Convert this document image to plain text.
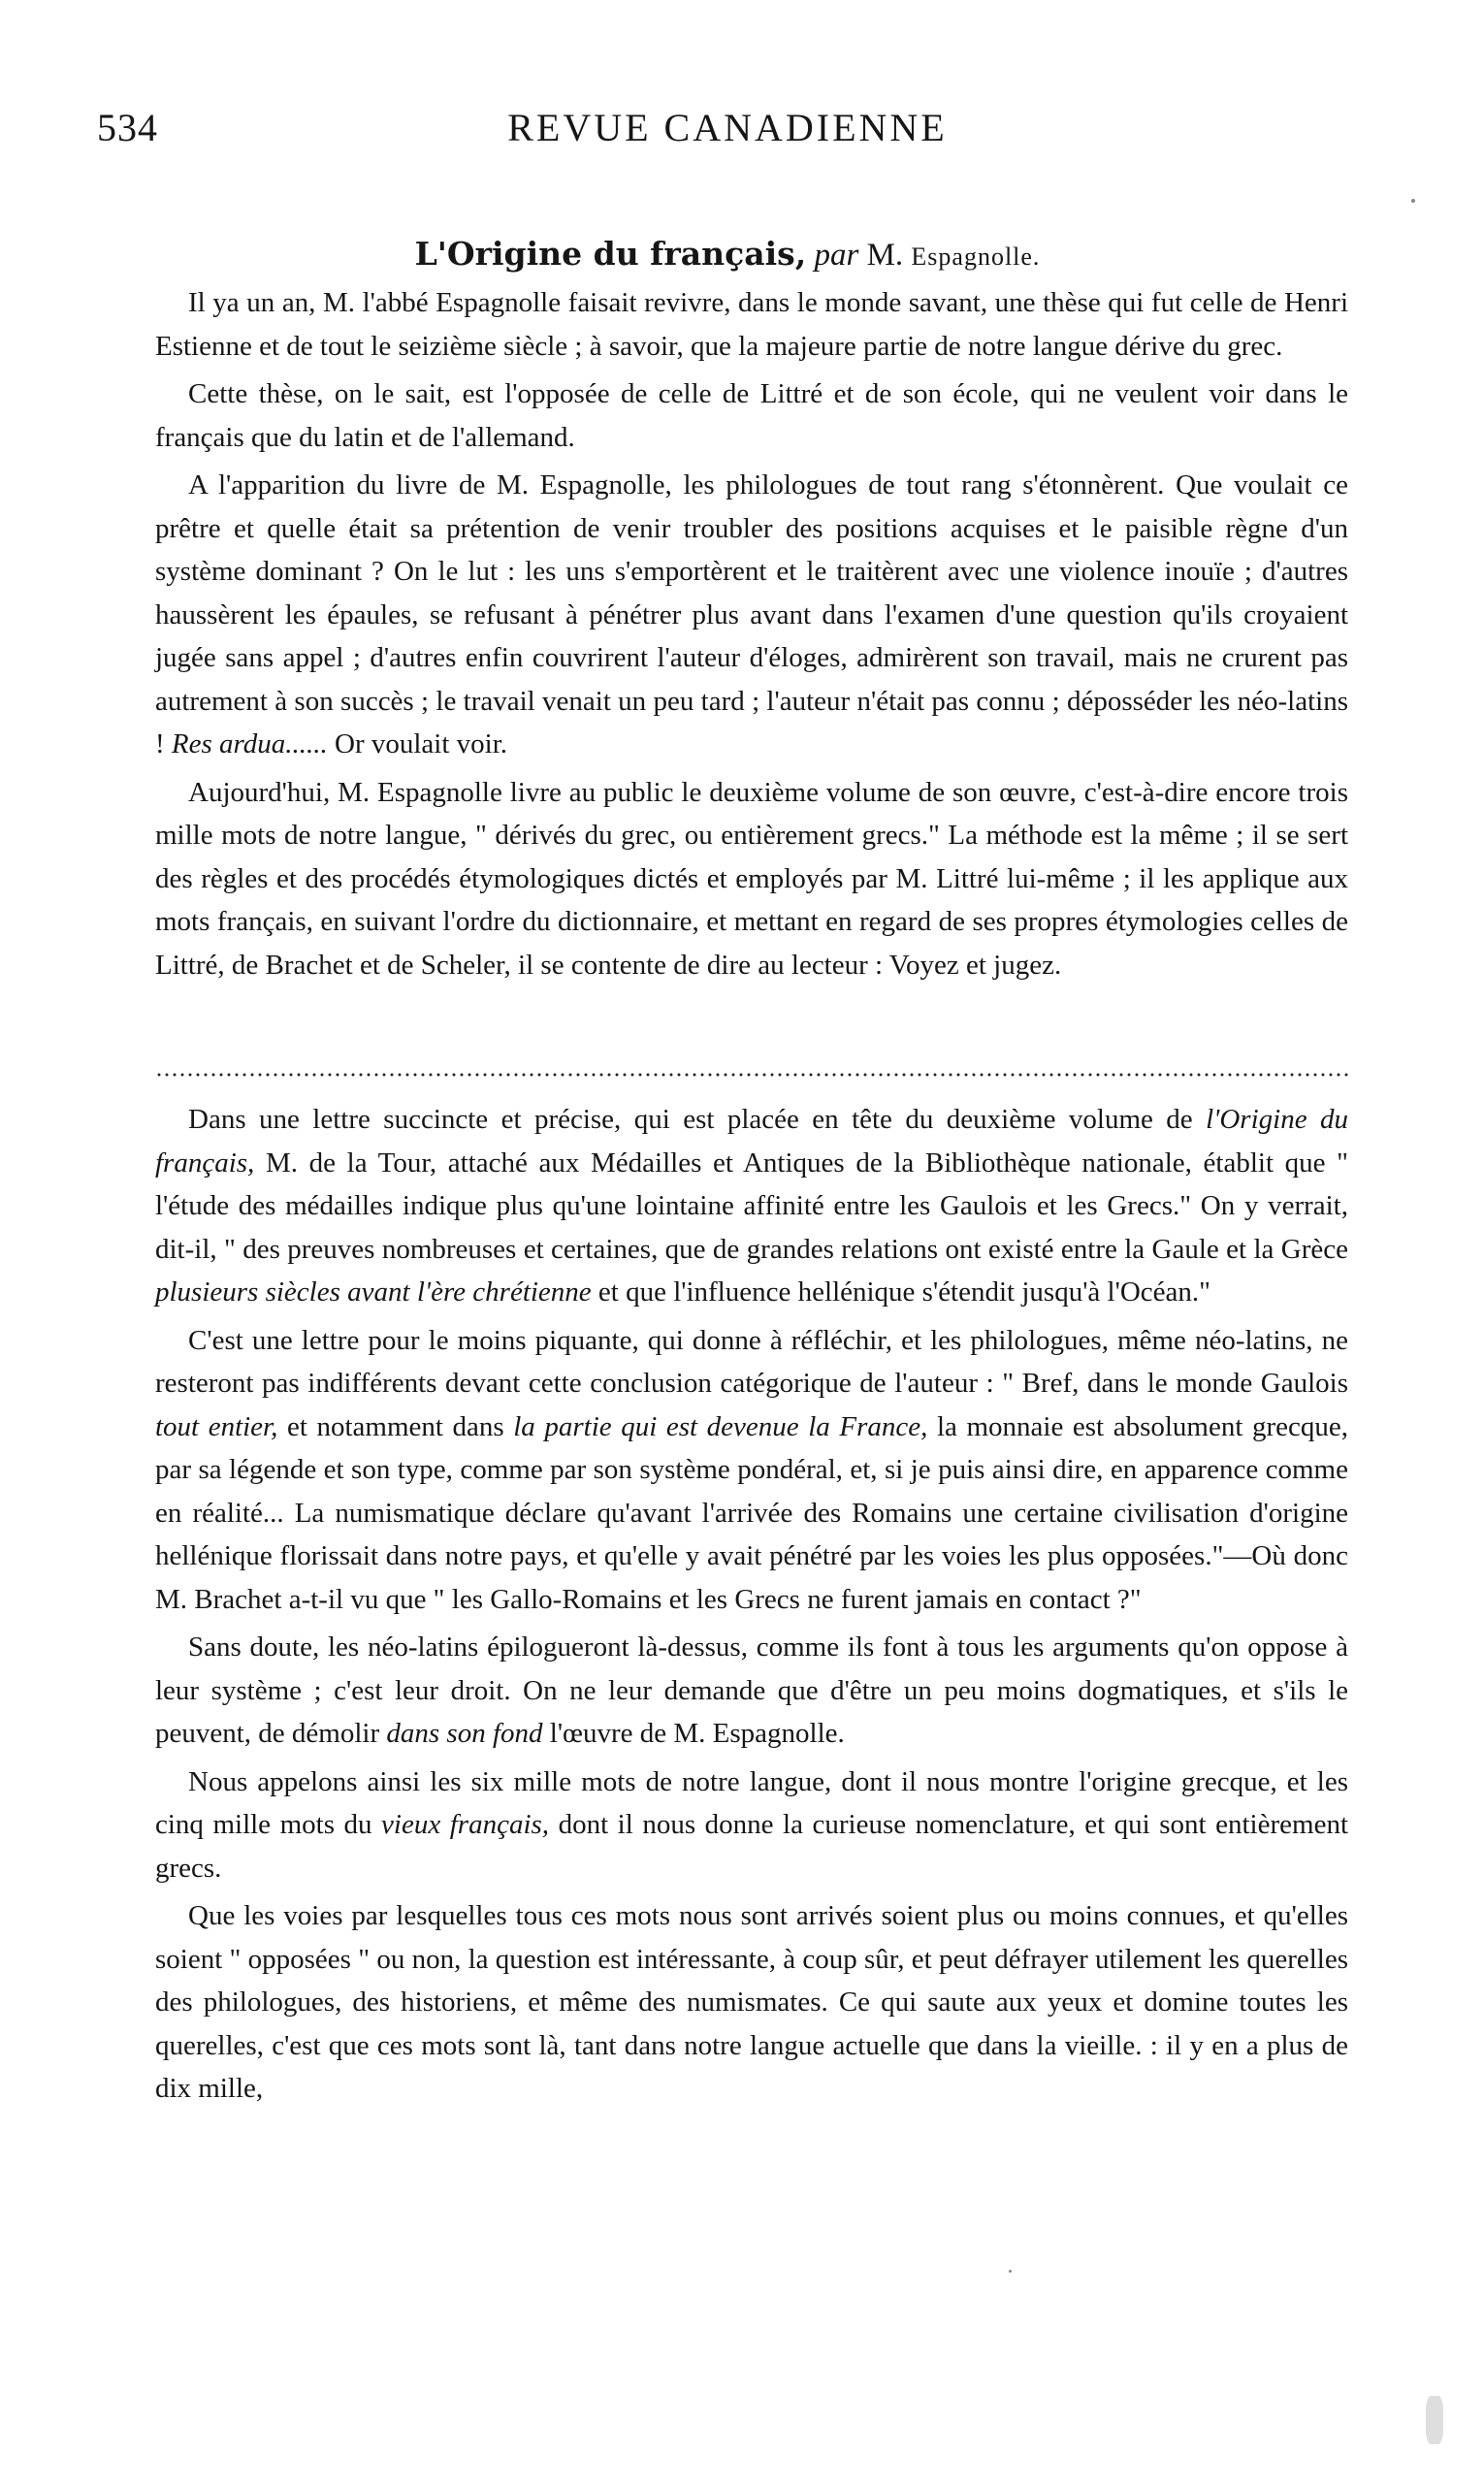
534	REVUE CANADIENNE
L'Origine du français, par M. Espagnolle.

Il ya un an, M. l'abbé Espagnolle faisait revivre, dans le monde savant, une thèse qui fut celle de Henri Estienne et de tout le seizième siècle ; à savoir, que la majeure partie de notre langue dérive du grec.

Cette thèse, on le sait, est l'opposée de celle de Littré et de son école, qui ne veulent voir dans le français que du latin et de l'allemand.

A l'apparition du livre de M. Espagnolle, les philologues de tout rang s'étonnèrent. Que voulait ce prêtre et quelle était sa prétention de venir troubler des positions acquises et le paisible règne d'un système dominant ? On le lut : les uns s'emportèrent et le traitèrent avec une violence inouïe ; d'autres haussèrent les épaules, se refusant à pénétrer plus avant dans l'examen d'une question qu'ils croyaient jugée sans appel ; d'autres enfin couvrirent l'auteur d'éloges, admirèrent son travail, mais ne crurent pas autrement à son succès ; le travail venait un peu tard ; l'auteur n'était pas connu ; déposséder les néo-latins ! Res ardua...... Or voulait voir.

Aujourd'hui, M. Espagnolle livre au public le deuxième volume de son œuvre, c'est-à-dire encore trois mille mots de notre langue, " dérivés du grec, ou entièrement grecs." La méthode est la même ; il se sert des règles et des procédés étymologiques dictés et employés par M. Littré lui-même ; il les applique aux mots français, en suivant l'ordre du dictionnaire, et mettant en regard de ses propres étymologies celles de Littré, de Brachet et de Scheler, il se contente de dire au lecteur : Voyez et jugez.

Dans une lettre succincte et précise, qui est placée en tête du deuxième volume de l'Origine du français, M. de la Tour, attaché aux Médailles et Antiques de la Bibliothèque nationale, établit que " l'étude des médailles indique plus qu'une lointaine affinité entre les Gaulois et les Grecs." On y verrait, dit-il, " des preuves nombreuses et certaines, que de grandes relations ont existé entre la Gaule et la Grèce plusieurs siècles avant l'ère chrétienne et que l'influence hellénique s'étendit jusqu'à l'Océan."

C'est une lettre pour le moins piquante, qui donne à réfléchir, et les philologues, même néo-latins, ne resteront pas indifférents devant cette conclusion catégorique de l'auteur : " Bref, dans le monde Gaulois tout entier, et notamment dans la partie qui est devenue la France, la monnaie est absolument grecque, par sa légende et son type, comme par son système pondéral, et, si je puis ainsi dire, en apparence comme en réalité... La numismatique déclare qu'avant l'arrivée des Romains une certaine civilisation d'origine hellénique florissait dans notre pays, et qu'elle y avait pénétré par les voies les plus opposées."—Où donc M. Brachet a-t-il vu que " les Gallo-Romains et les Grecs ne furent jamais en contact ?"

Sans doute, les néo-latins épilogueront là-dessus, comme ils font à tous les arguments qu'on oppose à leur système ; c'est leur droit. On ne leur demande que d'être un peu moins dogmatiques, et s'ils le peuvent, de démolir dans son fond l'œuvre de M. Espagnolle.

Nous appelons ainsi les six mille mots de notre langue, dont il nous montre l'origine grecque, et les cinq mille mots du vieux français, dont il nous donne la curieuse nomenclature, et qui sont entièrement grecs.

Que les voies par lesquelles tous ces mots nous sont arrivés soient plus ou moins connues, et qu'elles soient " opposées " ou non, la question est intéressante, à coup sûr, et peut défrayer utilement les querelles des philologues, des historiens, et même des numismates. Ce qui saute aux yeux et domine toutes les querelles, c'est que ces mots sont là, tant dans notre langue actuelle que dans la vieille. : il y en a plus de dix mille,
